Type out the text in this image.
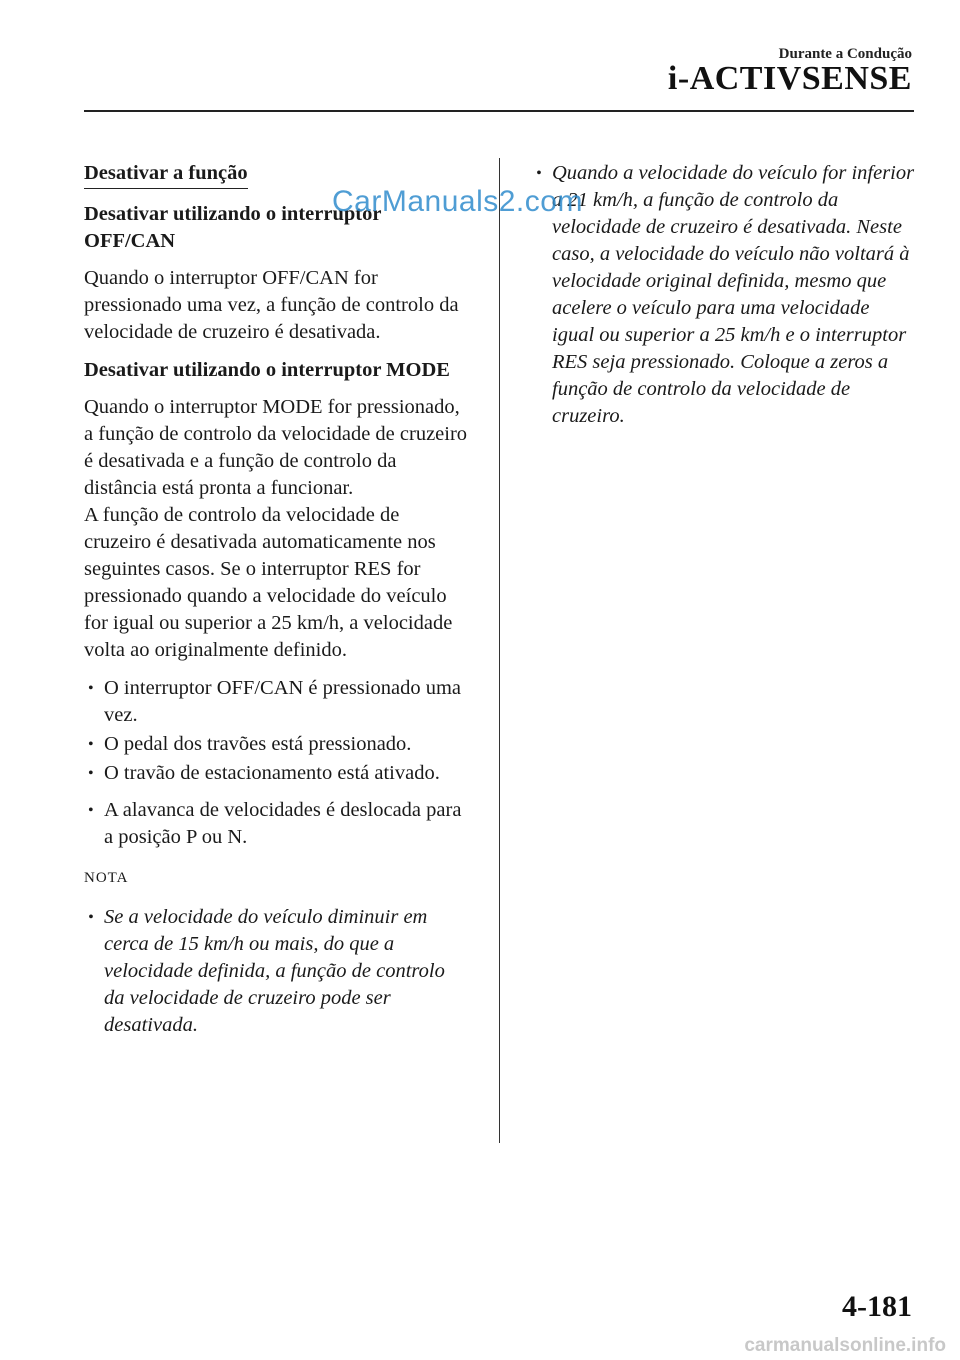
Durante a Condução
i-ACTIVSENSE
Desativar a função
Desativar utilizando o interruptor OFF/CAN

Quando o interruptor OFF/CAN for pressionado uma vez, a função de controlo da velocidade de cruzeiro é desativada.

Desativar utilizando o interruptor MODE

Quando o interruptor MODE for pressionado, a função de controlo da velocidade de cruzeiro é desativada e a função de controlo da distância está pronta a funcionar.

A função de controlo da velocidade de cruzeiro é desativada automaticamente nos seguintes casos. Se o interruptor RES for pressionado quando a velocidade do veículo for igual ou superior a 25 km/h, a velocidade volta ao originalmente definido.

• O interruptor OFF/CAN é pressionado uma vez.
• O pedal dos travões está pressionado.
• O travão de estacionamento está ativado.
• A alavanca de velocidades é deslocada para a posição P ou N.
NOTA
• Se a velocidade do veículo diminuir em cerca de 15 km/h ou mais, do que a velocidade definida, a função de controlo da velocidade de cruzeiro pode ser desativada.
• Quando a velocidade do veículo for inferior a 21 km/h, a função de controlo da velocidade de cruzeiro é desativada. Neste caso, a velocidade do veículo não voltará à velocidade original definida, mesmo que acelere o veículo para uma velocidade igual ou superior a 25 km/h e o interruptor RES seja pressionado. Coloque a zeros a função de controlo da velocidade de cruzeiro.
CarManuals2.com
4-181
carmanualsonline.info
